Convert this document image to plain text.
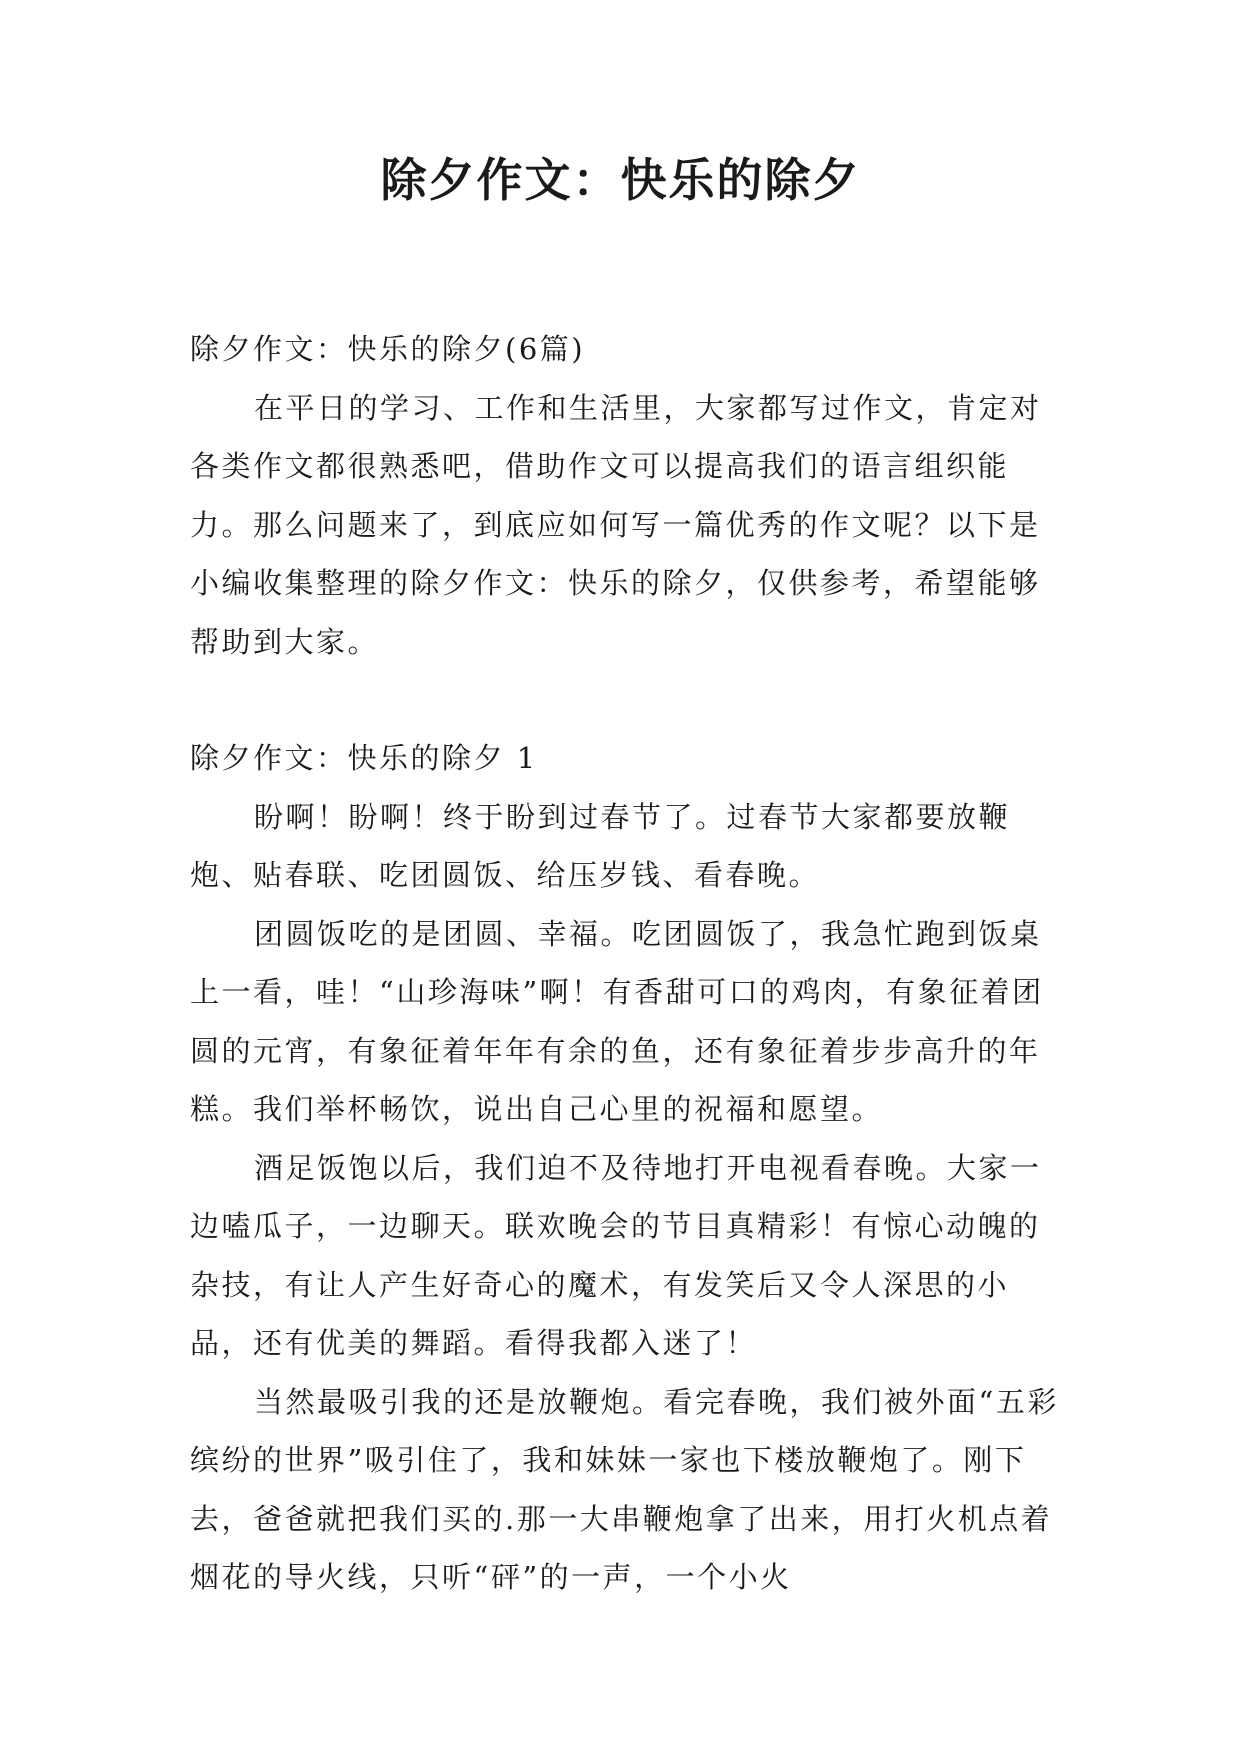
除夕作文：快乐的除夕

除夕作文：快乐的除夕(6篇)

在平日的学习、工作和生活里，大家都写过作文，肯定对各类作文都很熟悉吧，借助作文可以提高我们的语言组织能力。那么问题来了，到底应如何写一篇优秀的作文呢？以下是小编收集整理的除夕作文：快乐的除夕，仅供参考，希望能够帮助到大家。

除夕作文：快乐的除夕 1

盼啊！盼啊！终于盼到过春节了。过春节大家都要放鞭炮、贴春联、吃团圆饭、给压岁钱、看春晚。

团圆饭吃的是团圆、幸福。吃团圆饭了，我急忙跑到饭桌上一看，哇！“山珍海味”啊！有香甜可口的鸡肉，有象征着团圆的元宵，有象征着年年有余的鱼，还有象征着步步高升的年糕。我们举杯畅饮，说出自己心里的祝福和愿望。

酒足饭饱以后，我们迫不及待地打开电视看春晚。大家一边嗑瓜子，一边聊天。联欢晚会的节目真精彩！有惊心动魄的杂技，有让人产生好奇心的魔术，有发笑后又令人深思的小品，还有优美的舞蹈。看得我都入迷了！

当然最吸引我的还是放鞭炮。看完春晚，我们被外面“五彩缤纷的世界”吸引住了，我和妹妹一家也下楼放鞭炮了。刚下去，爸爸就把我们买的.那一大串鞭炮拿了出来，用打火机点着烟花的导火线，只听“砰”的一声，一个小火
